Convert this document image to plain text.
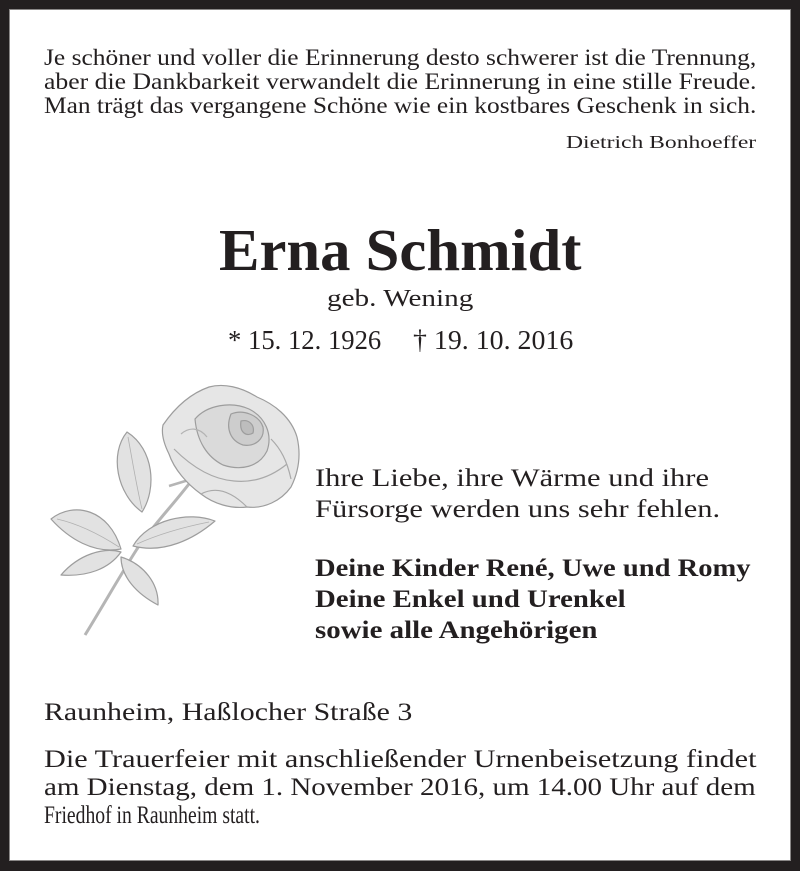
Je schöner und voller die Erinnerung desto schwerer ist die Trennung,
aber die Dankbarkeit verwandelt die Erinnerung in eine stille Freude.
Man trägt das vergangene Schöne wie ein kostbares Geschenk in sich.
Dietrich Bonhoeffer
Erna Schmidt
geb. Wening
* 15. 12. 1926 † 19. 10. 2016
Ihre Liebe, ihre Wärme und ihre
Fürsorge werden uns sehr fehlen.
Deine Kinder René, Uwe und Romy
Deine Enkel und Urenkel
sowie alle Angehörigen
Raunheim, Haßlocher Straße 3
Die Trauerfeier mit anschließender Urnenbeisetzung findet
am Dienstag, dem 1. November 2016, um 14.00 Uhr auf dem
Friedhof in Raunheim statt.
